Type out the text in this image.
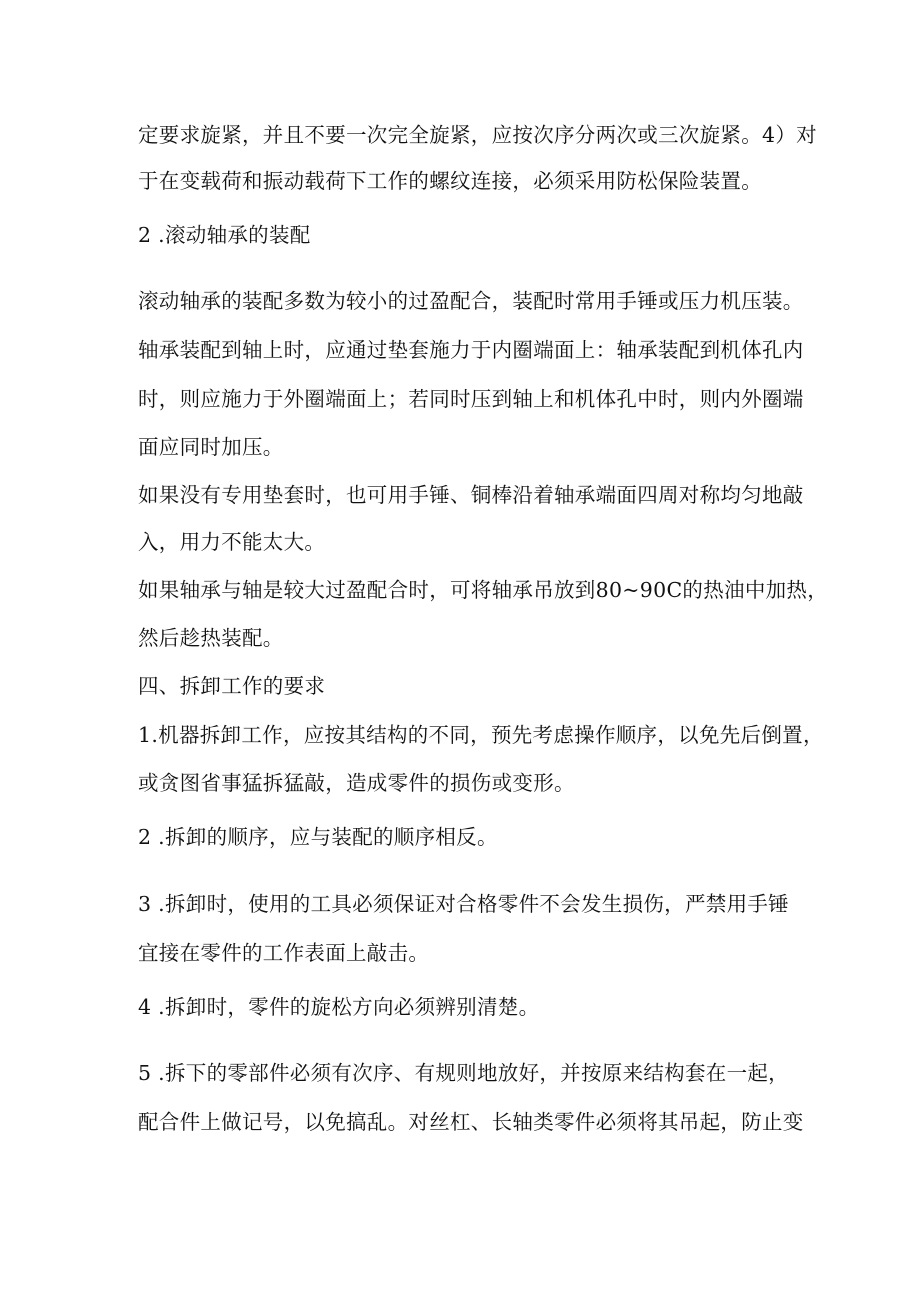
定要求旋紧，并且不要一次完全旋紧，应按次序分两次或三次旋紧。4）对

于在变载荷和振动载荷下工作的螺纹连接，必须采用防松保险装置。

2 .滚动轴承的装配

滚动轴承的装配多数为较小的过盈配合，装配时常用手锤或压力机压装。

轴承装配到轴上时，应通过垫套施力于内圈端面上：轴承装配到机体孔内

时，则应施力于外圈端面上；若同时压到轴上和机体孔中时，则内外圈端

面应同时加压。

如果没有专用垫套时，也可用手锤、铜棒沿着轴承端面四周对称均匀地敲

入，用力不能太大。

如果轴承与轴是较大过盈配合时，可将轴承吊放到80~90C的热油中加热，

然后趁热装配。

四、拆卸工作的要求

1.机器拆卸工作，应按其结构的不同，预先考虑操作顺序，以免先后倒置，

或贪图省事猛拆猛敲，造成零件的损伤或变形。

2 .拆卸的顺序，应与装配的顺序相反。

3 .拆卸时，使用的工具必须保证对合格零件不会发生损伤，严禁用手锤

宜接在零件的工作表面上敲击。

4 .拆卸时，零件的旋松方向必须辨别清楚。

5 .拆下的零部件必须有次序、有规则地放好，并按原来结构套在一起，

配合件上做记号，以免搞乱。对丝杠、长轴类零件必须将其吊起，防止变
